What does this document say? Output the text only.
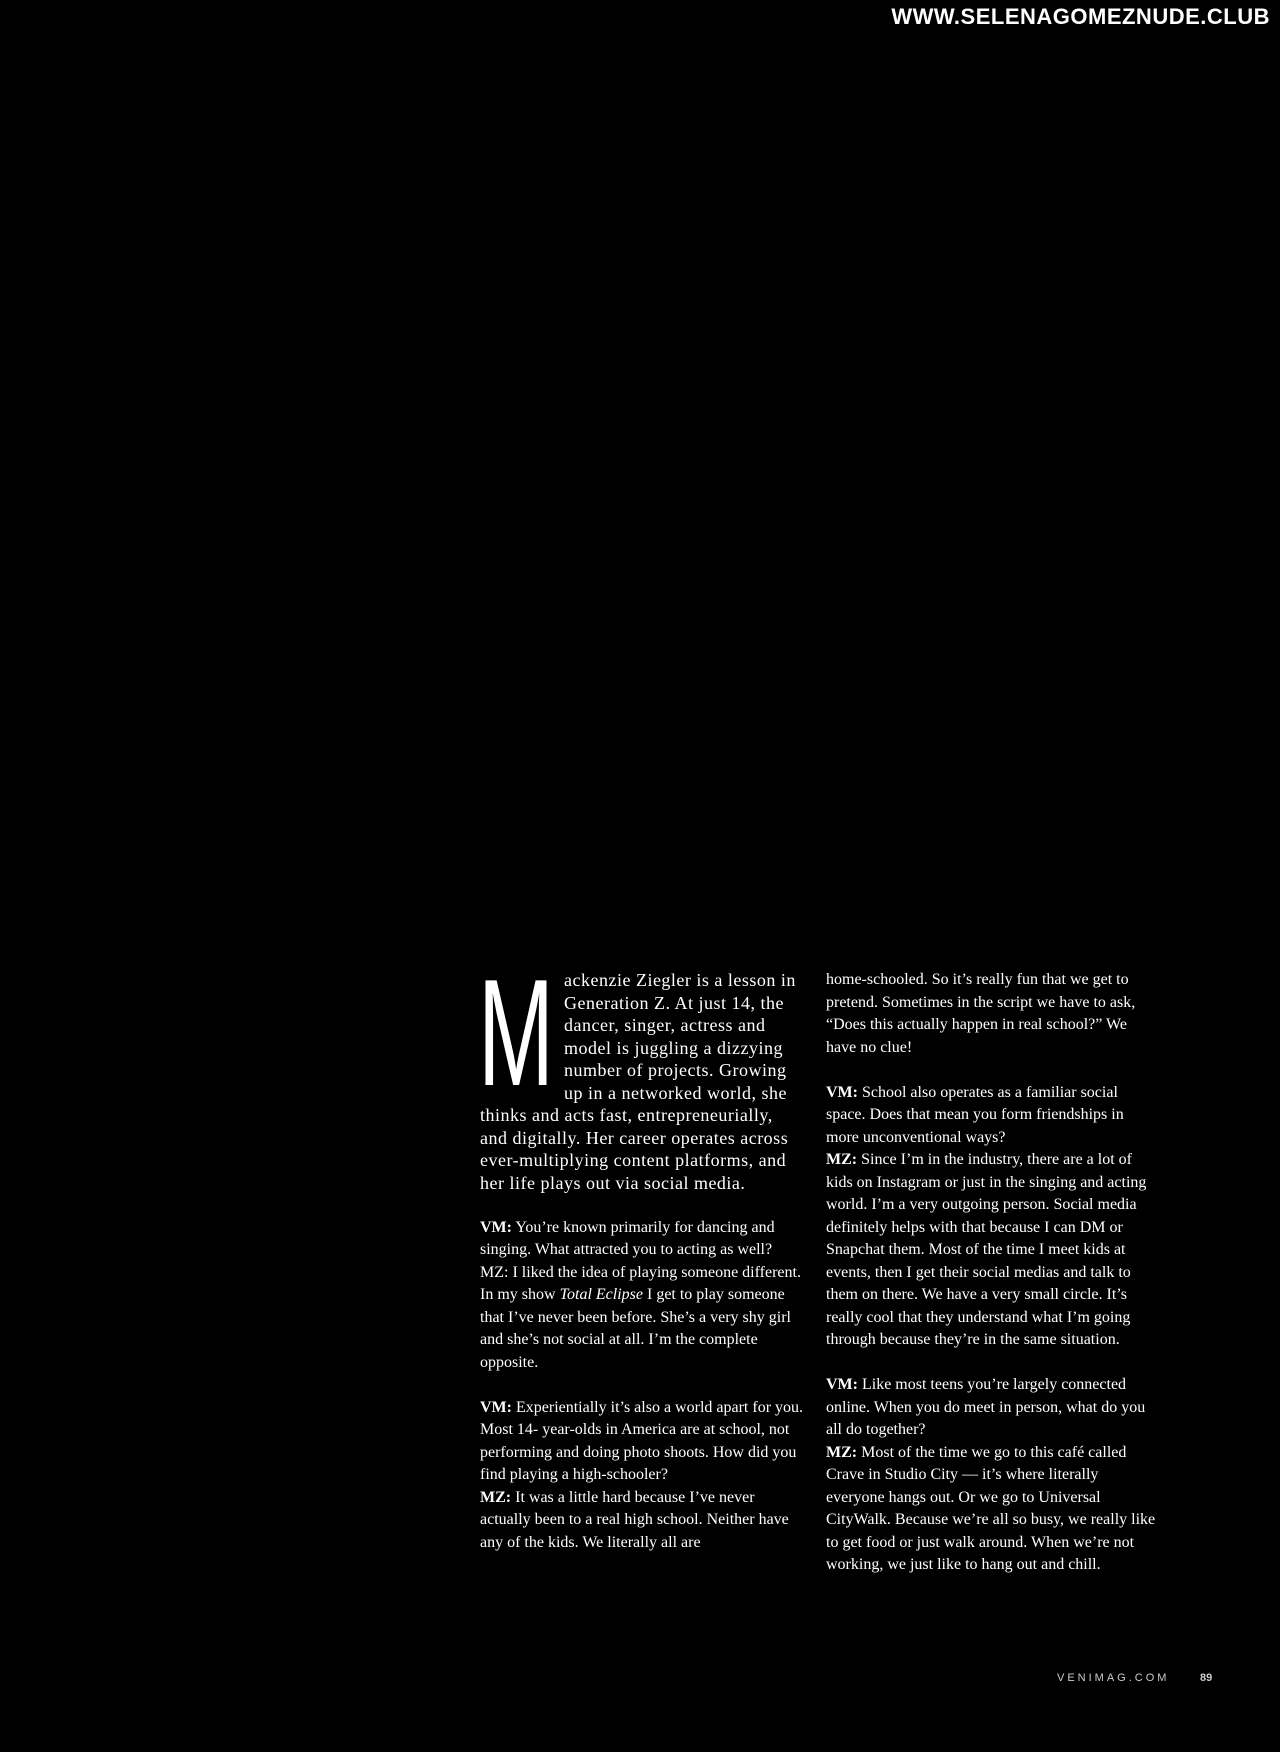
WWW.SELENAGOMEZNUDE.CLUB
Mackenzie Ziegler is a lesson in Generation Z. At just 14, the dancer, singer, actress and model is juggling a dizzying number of projects. Growing up in a networked world, she thinks and acts fast, entrepreneurially, and digitally. Her career operates across ever-multiplying content platforms, and her life plays out via social media.

VM: You’re known primarily for dancing and singing. What attracted you to acting as well?

MZ: I liked the idea of playing someone different. In my show Total Eclipse I get to play someone that I’ve never been before. She’s a very shy girl and she’s not social at all. I’m the complete opposite.

VM: Experientially it’s also a world apart for you. Most 14- year-olds in America are at school, not performing and doing photo shoots. How did you find playing a high-schooler?

MZ: It was a little hard because I’ve never actually been to a real high school. Neither have any of the kids. We literally all are

home-schooled. So it’s really fun that we get to pretend. Sometimes in the script we have to ask, “Does this actually happen in real school?” We have no clue!

VM: School also operates as a familiar social space. Does that mean you form friendships in more unconventional ways?

MZ: Since I’m in the industry, there are a lot of kids on Instagram or just in the singing and acting world. I’m a very outgoing person. Social media definitely helps with that because I can DM or Snapchat them. Most of the time I meet kids at events, then I get their social medias and talk to them on there. We have a very small circle. It’s really cool that they understand what I’m going through because they’re in the same situation.

VM: Like most teens you’re largely connected online. When you do meet in person, what do you all do together?

MZ: Most of the time we go to this café called Crave in Studio City — it’s where literally everyone hangs out. Or we go to Universal CityWalk. Because we’re all so busy, we really like to get food or just walk around. When we’re not working, we just like to hang out and chill.

VENIMAG.COM	89
